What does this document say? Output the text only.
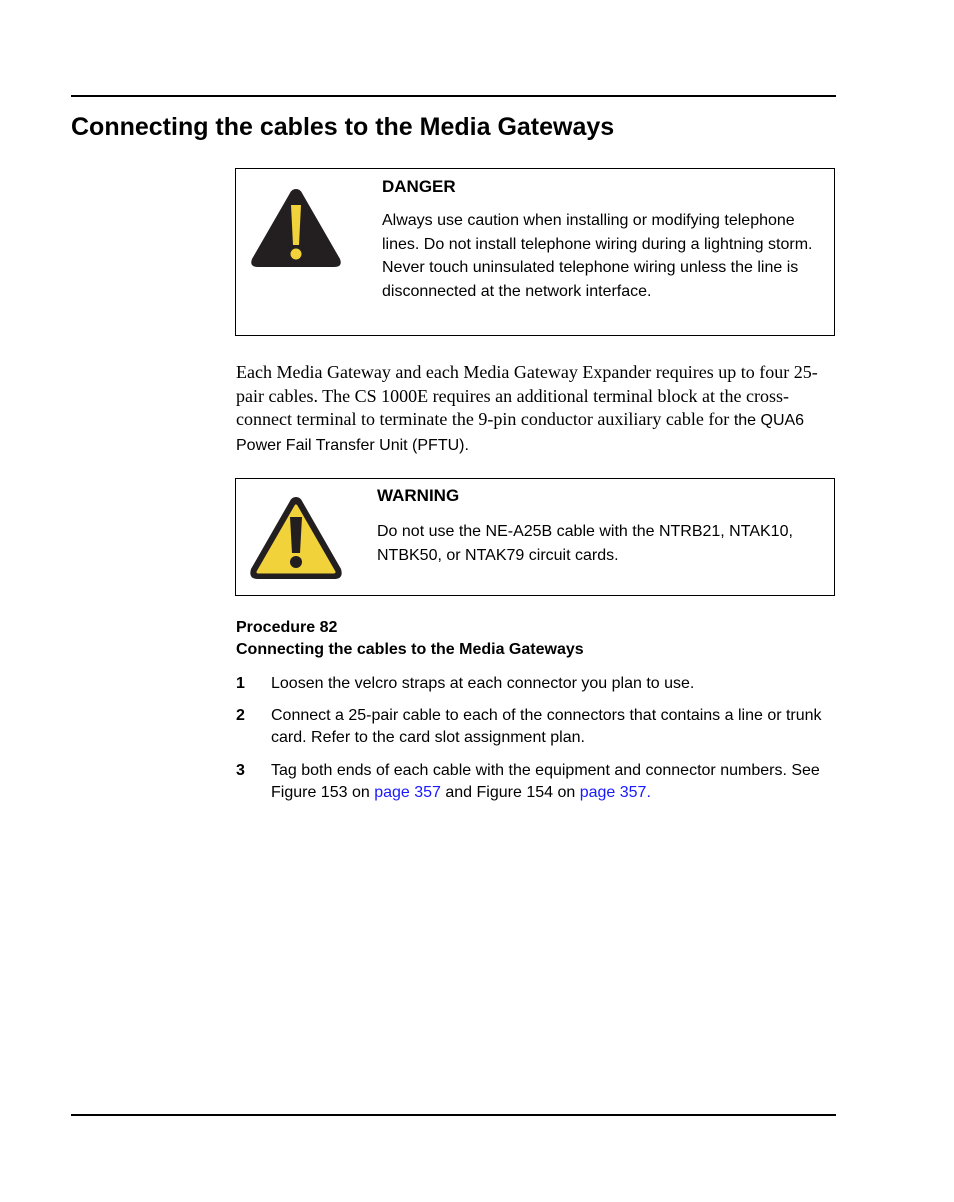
Connecting the cables to the Media Gateways
DANGER
Always use caution when installing or modifying telephone lines. Do not install telephone wiring during a lightning storm. Never touch uninsulated telephone wiring unless the line is disconnected at the network interface.

Each Media Gateway and each Media Gateway Expander requires up to four 25-pair cables. The CS 1000E requires an additional terminal block at the cross-connect terminal to terminate the 9-pin conductor auxiliary cable for the QUA6 Power Fail Transfer Unit (PFTU).

WARNING
Do not use the NE-A25B cable with the NTRB21, NTAK10, NTBK50, or NTAK79 circuit cards.
Procedure 82
Connecting the cables to the Media Gateways
1 Loosen the velcro straps at each connector you plan to use.
2 Connect a 25-pair cable to each of the connectors that contains a line or trunk card. Refer to the card slot assignment plan.
3 Tag both ends of each cable with the equipment and connector numbers. See Figure 153 on page 357 and Figure 154 on page 357.
